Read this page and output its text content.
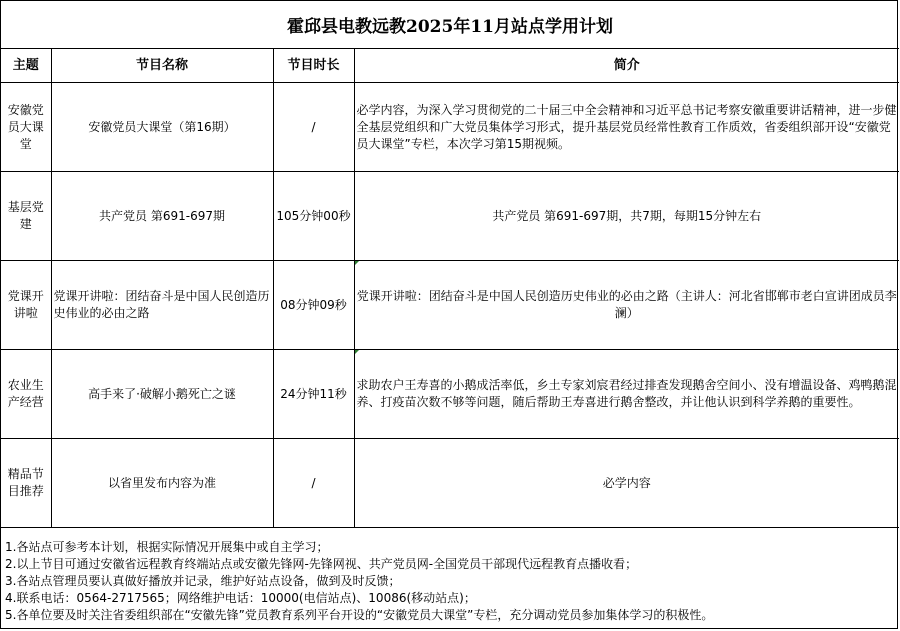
霍邱县电教远教2025年11月站点学用计划
主题	节目名称	节目时长	简介
安徽党员大课堂	安徽党员大课堂（第16期）	/	必学内容，为深入学习贯彻党的二十届三中全会精神和习近平总书记考察安徽重要讲话精神，进一步健全基层党组织和广大党员集体学习形式，提升基层党员经常性教育工作质效，省委组织部开设“安徽党员大课堂”专栏，本次学习第15期视频。
基层党建	共产党员 第691-697期	105分钟00秒	共产党员 第691-697期，共7期，每期15分钟左右
党课开讲啦	党课开讲啦：团结奋斗是中国人民创造历史伟业的必由之路	08分钟09秒	党课开讲啦：团结奋斗是中国人民创造历史伟业的必由之路（主讲人：河北省邯郸市老白宣讲团成员李澜）
农业生产经营	高手来了·破解小鹅死亡之谜	24分钟11秒	求助农户王寿喜的小鹅成活率低，乡土专家刘宸君经过排查发现鹅舍空间小、没有增温设备、鸡鸭鹅混养、打疫苗次数不够等问题，随后帮助王寿喜进行鹅舍整改，并让他认识到科学养鹅的重要性。
精品节目推荐	以省里发布内容为准	/	必学内容
1.各站点可参考本计划，根据实际情况开展集中或自主学习；
2.以上节目可通过安徽省远程教育终端站点或安徽先锋网-先锋网视、共产党员网-全国党员干部现代远程教育点播收看；
3.各站点管理员要认真做好播放并记录，维护好站点设备，做到及时反馈；
4.联系电话：0564-2717565；网络维护电话：10000(电信站点)、10086(移动站点)；
5.各单位要及时关注省委组织部在“安徽先锋”党员教育系列平台开设的“安徽党员大课堂”专栏，充分调动党员参加集体学习的积极性。
